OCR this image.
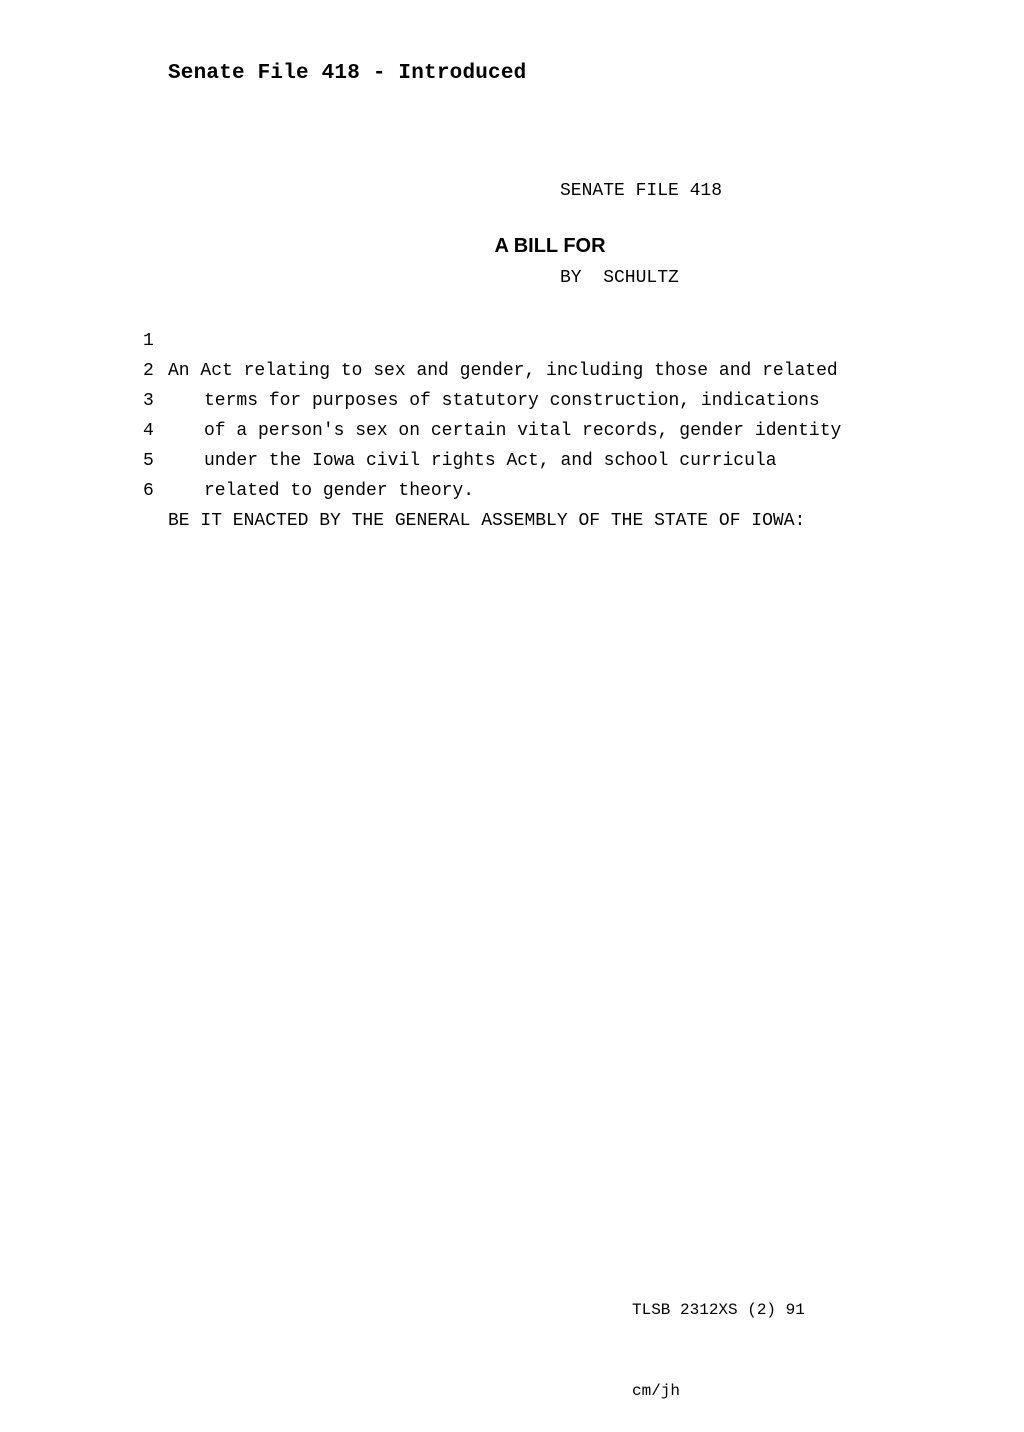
Senate File 418 - Introduced

SENATE FILE 418

BY  SCHULTZ

A BILL FOR

1

An Act relating to sex and gender, including those and related

2

terms for purposes of statutory construction, indications

3

of a person′s sex on certain vital records, gender identity

4

under the Iowa civil rights Act, and school curricula

5

related to gender theory.

6

BE IT ENACTED BY THE GENERAL ASSEMBLY OF THE STATE OF IOWA:

TLSB 2312XS (2) 91

cm/jh
